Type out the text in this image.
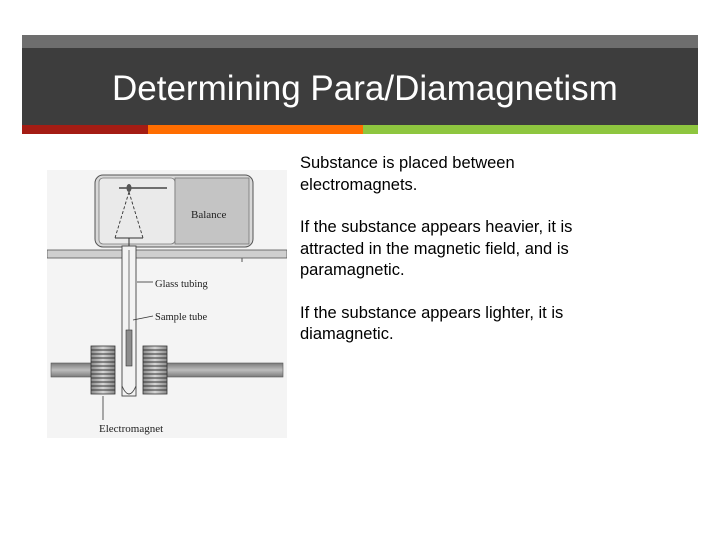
Determining Para/Diamagnetism
Balance
Glass tubing
Sample tube
Electromagnet

Substance is placed between electromagnets.

If the substance appears heavier, it is attracted in the magnetic field, and is paramagnetic.

If the substance appears lighter, it is diamagnetic.
